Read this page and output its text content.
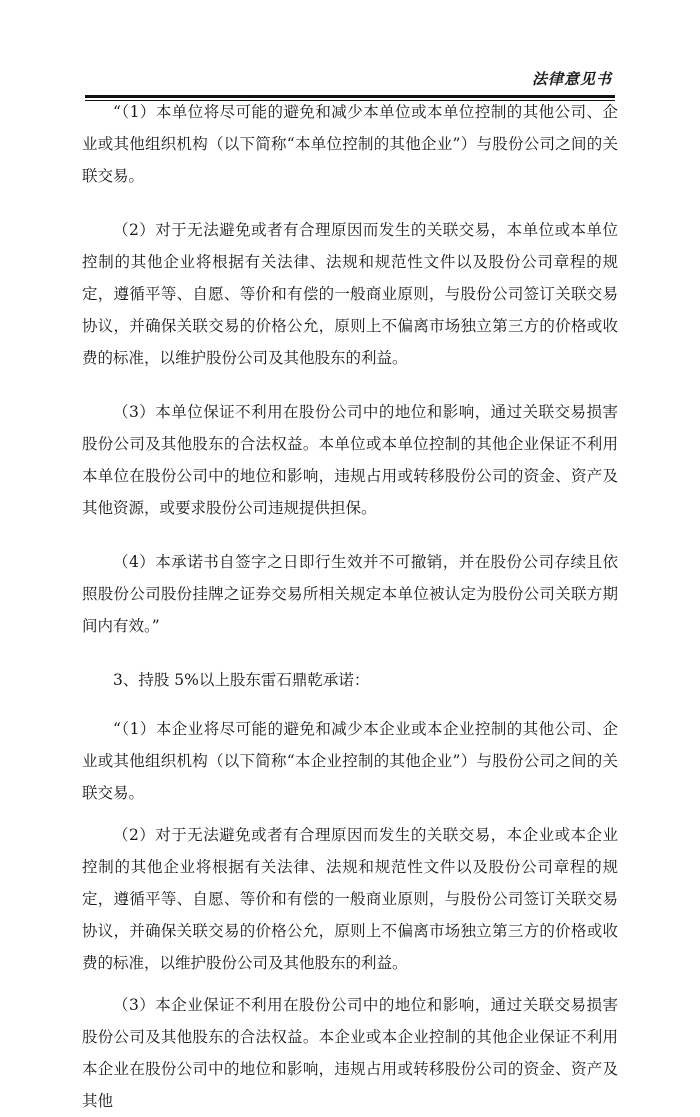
法律意见书

“（1）本单位将尽可能的避免和减少本单位或本单位控制的其他公司、企业或其他组织机构（以下简称“本单位控制的其他企业”）与股份公司之间的关联交易。

（2）对于无法避免或者有合理原因而发生的关联交易，本单位或本单位控制的其他企业将根据有关法律、法规和规范性文件以及股份公司章程的规定，遵循平等、自愿、等价和有偿的一般商业原则，与股份公司签订关联交易协议，并确保关联交易的价格公允，原则上不偏离市场独立第三方的价格或收费的标准，以维护股份公司及其他股东的利益。

（3）本单位保证不利用在股份公司中的地位和影响，通过关联交易损害股份公司及其他股东的合法权益。本单位或本单位控制的其他企业保证不利用本单位在股份公司中的地位和影响，违规占用或转移股份公司的资金、资产及其他资源，或要求股份公司违规提供担保。

（4）本承诺书自签字之日即行生效并不可撤销，并在股份公司存续且依照股份公司股份挂牌之证券交易所相关规定本单位被认定为股份公司关联方期间内有效。”

3、持股 5%以上股东雷石鼎乾承诺：

“（1）本企业将尽可能的避免和减少本企业或本企业控制的其他公司、企业或其他组织机构（以下简称“本企业控制的其他企业”）与股份公司之间的关联交易。

（2）对于无法避免或者有合理原因而发生的关联交易，本企业或本企业控制的其他企业将根据有关法律、法规和规范性文件以及股份公司章程的规定，遵循平等、自愿、等价和有偿的一般商业原则，与股份公司签订关联交易协议，并确保关联交易的价格公允，原则上不偏离市场独立第三方的价格或收费的标准，以维护股份公司及其他股东的利益。

（3）本企业保证不利用在股份公司中的地位和影响，通过关联交易损害股份公司及其他股东的合法权益。本企业或本企业控制的其他企业保证不利用本企业在股份公司中的地位和影响，违规占用或转移股份公司的资金、资产及其他
